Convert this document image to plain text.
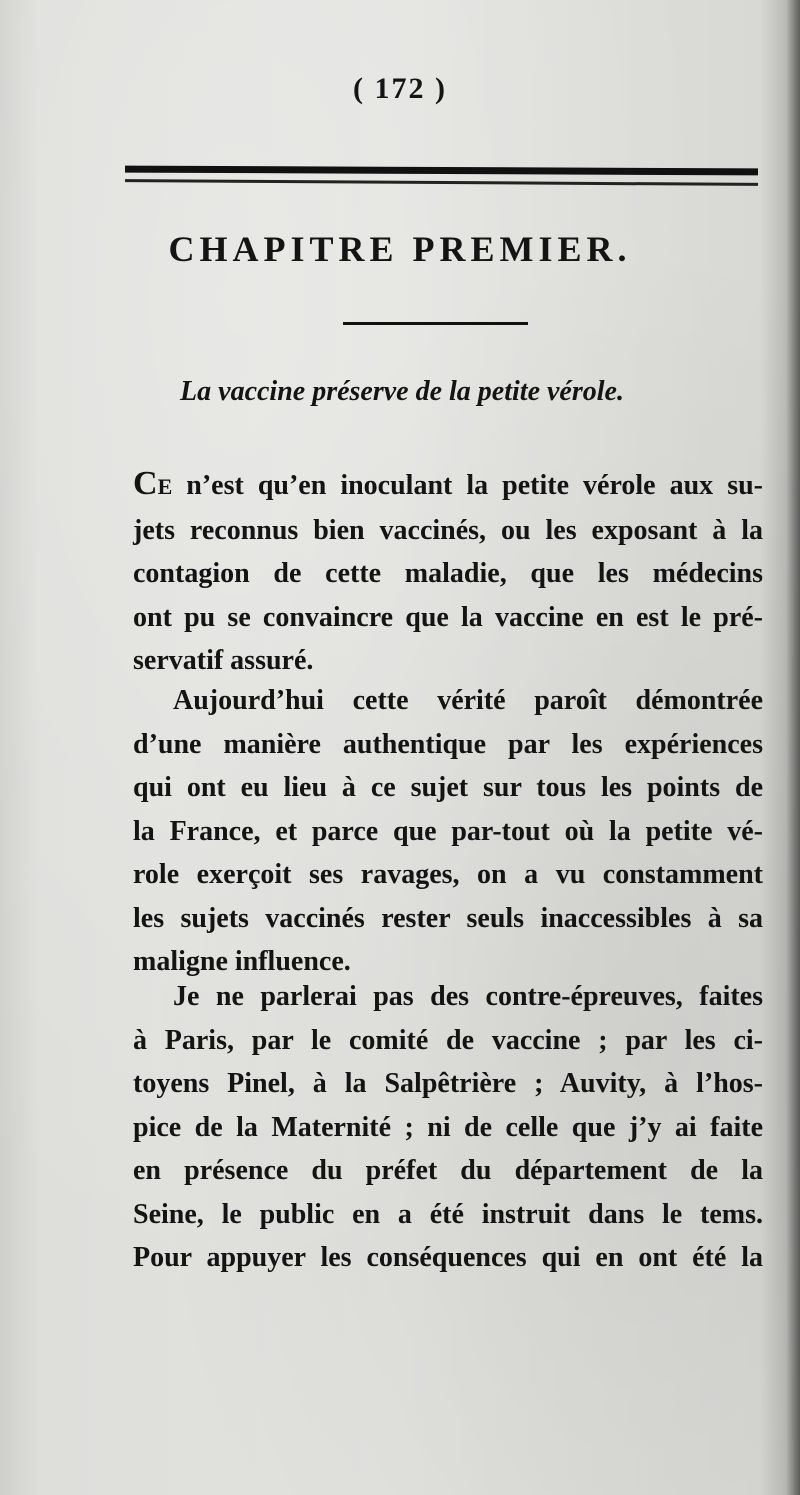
( 172 )
CHAPITRE PREMIER.
La vaccine préserve de la petite vérole.
CE n’est qu’en inoculant la petite vérole aux su-
jets reconnus bien vaccinés, ou les exposant à la
contagion de cette maladie, que les médecins
ont pu se convaincre que la vaccine en est le pré-
servatif assuré.
Aujourd’hui cette vérité paroît démontrée
d’une manière authentique par les expériences
qui ont eu lieu à ce sujet sur tous les points de
la France, et parce que par-tout où la petite vé-
role exerçoit ses ravages, on a vu constamment
les sujets vaccinés rester seuls inaccessibles à sa
maligne influence.
Je ne parlerai pas des contre-épreuves, faites
à Paris, par le comité de vaccine ; par les ci-
toyens Pinel, à la Salpêtrière ; Auvity, à l’hos-
pice de la Maternité ; ni de celle que j’y ai faite
en présence du préfet du département de la
Seine, le public en a été instruit dans le tems.
Pour appuyer les conséquences qui en ont été la
